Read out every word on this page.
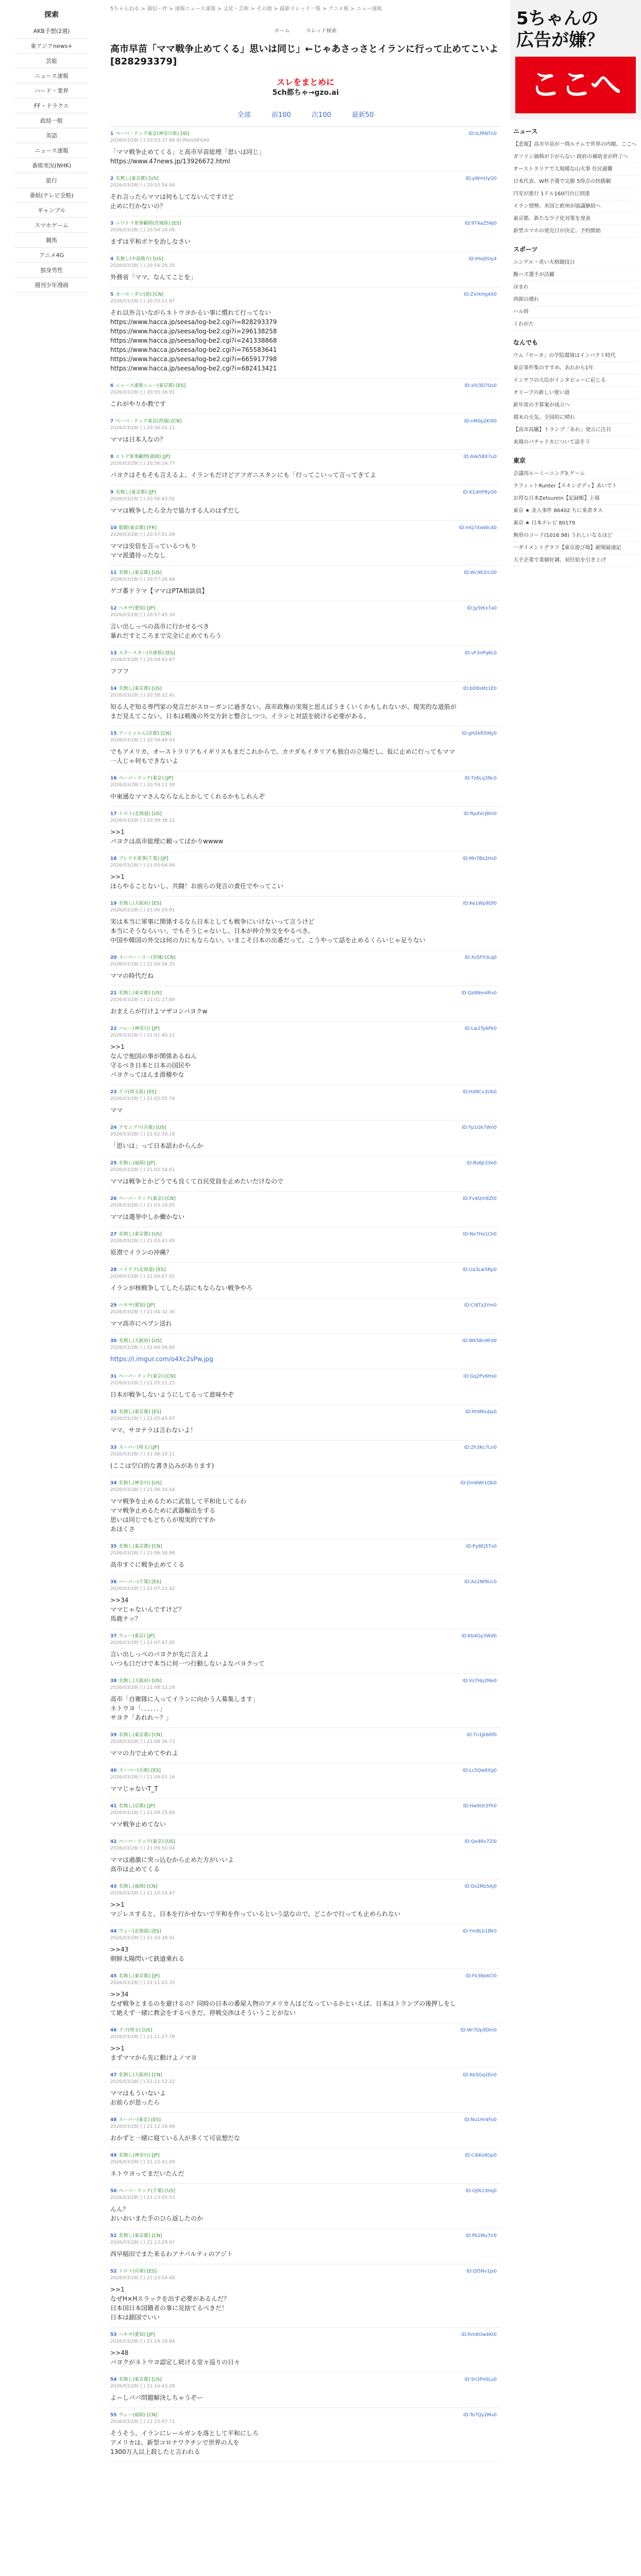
探索
AKB予想(2週)
東アジアnews+
芸能
ニュース速報
ハード・業界
FF・ドラクエ
政経一般
英語
ニュース速報
番組実況(NHK)
旅行
番組(テレビ全般)
ギャンブル
スマホゲーム
競馬
アニメ4G
独身男性
週刊少年漫画
5ちゃんねる > 通信・IT > 速報ニュース速報 > 文化・芸術 > その他 > 最新スレッド一覧 > アニメ板 > ニュー速板
ホーム	スレッド検索
高市早苗「ママ戦争止めてくる」思いは同じ」←じゃあさっさとイランに行って止めてこいよ [828293379]
スレをまとめに
5ch都ちゃ→gzo.ai
全部	前100	次100	最新50
1 ペーパ・ドック東京(神奈川県) [ID]
2026/03/28(土) 20:53:37.86 ID:Rkm0lF6A0
ID:tLfRNTn0
「ママ戦争止めてくる」と高市早苗総理「思いは同じ」
https://www.47news.jp/13926672.html
2 名無し(東京都) [US]
2026/03/28(土) 20:53:54.84
ID:yWmUyQ0
それ言ったらママは何もしてないんですけど
止めに行かないの？
3 ニワトリ軍事顧問(茨城県) [ES]
2026/03/28(土) 20:54:18.06
ID:9T4aZ5Nj0
まずは平和ボケを治しなさい
4 名無し(中部地方) [US]
2026/03/28(土) 20:54:29.35
ID:tHeJ0Uy4
外務省「ママ、なんてことを」
5 カーロ・ダビ(庭) [CN]
2026/03/28(土) 20:55:11.87
ID:ZVrkHg4X0
それ以外言いながらネトウヨかるい事に慣れて行ってない
https://www.hacca.jp/seesa/log-be2.cgi?i=828293379
https://www.hacca.jp/seesa/log-be2.cgi?i=296138258
https://www.hacca.jp/seesa/log-be2.cgi?i=241338868
https://www.hacca.jp/seesa/log-be2.cgi?i=765583641
https://www.hacca.jp/seesa/log-be2.cgi?i=665917798
https://www.hacca.jp/seesa/log-be2.cgi?i=682413421
6 ニュース速報ニュー(東京都) [ES]
2026/03/28(土) 20:55:38.91
ID:xlV3D7Qs0
これがやりか教です
7 ペーパ・ドック東京(茨城) [CN]
2026/03/28(土) 20:56:02.11
ID:nM0p2Kl90
ママは日本人なの？
8 ヒトデ軍事顧問(福岡) [JP]
2026/03/28(土) 20:56:14.77
ID:AVe5BX7u0
パヨクはそもそも言えるよ、イランもだけどアフガニスタンにも「行ってこいって言ってきてよ
9 名無し(東京都) [JP]
2026/03/28(土) 20:56:43.52
ID:K1dHP8yQ0
ママは戦争したら全力で協力する人のはずだし
10 眼鏡(東京都) [FR]
2026/03/28(土) 20:57:01.09
ID:mQ7XwWc40
ママは安倍を言っているつもり
ママ派遣待ったなし
11 名無し(東京都) [US]
2026/03/28(土) 20:57:26.64
ID:Wc9E2rL00
ゲゴ番ドラマ【ママはPTA相談員】
12 ヘキサ(愛知) [JP]
2026/03/28(土) 20:57:45.30
ID:Jy5tKx7a0
言い出しっぺの高市に行かせるべき
暴れだすところまで完全に止めてもらう
13 スタースター(兵庫県) [ES]
2026/03/28(土) 20:58:03.87
ID:vF3nPq6L0
フフフ
14 名無し(東京都) [US]
2026/03/28(土) 20:58:22.41
ID:bD8sMz1E0
知る人ぞ知る専門家の発言だがスローガンに過ぎない。高市政権の実現と思えばうまくいくかもしれないが、現実的な道筋がまだ見えてこない。日本は戦後の外交方針と整合しつつ、イランと対話を続ける必要がある。
15 アーシャルん(京都) [CN]
2026/03/28(土) 20:58:49.03
ID:gH2kR5Wy0
でもアメリカ、オーストラリアもイギリスもまだこれからで、カナダもイタリアも独自の立場だし、仮に止めに行ってもママ一人じゃ何もできないよ
16 ペーパ・ドック(東京) [JP]
2026/03/28(土) 20:59:11.58
ID:Tz6Lq3Nc0
中東通なママさんならなんとかしてくれるかもしれんぞ
17 トロト(北海道) [US]
2026/03/28(土) 20:59:38.12
ID:Rp4VcJ8m0
>>1
パヨクは高市総理に頼ってばかりwwww
18 ブレアネ軍事(千葉) [JP]
2026/03/28(土) 21:00:04.66
ID:Mn7Bx2Hs0
>>1
ほらやることないし、共闘！お前らの発言の責任でやってこい
19 名無し(大阪府) [ES]
2026/03/28(土) 21:00:29.91
ID:Ke1Wp9Df0
実は本当に軍事に関係するなら日本としても戦争にいけないって言うけど
本当にそうならいい。でもそうじゃないし、日本が仲介外交をやるべき。
中国や韓国の外交は何の力にもならない。いまこそ日本の出番だって、こうやって話を止めるくらいじゃ足りない
20 スーパー・リー(宮城) [CN]
2026/03/28(土) 21:00:56.35
ID:Xs5Fh3Lq0
ママの時代だね
21 名無し(東京都) [US]
2026/03/28(土) 21:01:17.80
ID:Qz8Nm4Rv0
おまえらが行けよマザコンパヨクw
22 ハレー(神奈川) [JP]
2026/03/28(土) 21:01:40.22
ID:Lw2Ty6Pk0
>>1
なんで他国の事が関係あるねん
守るべき日本と日本の国民や
パヨクってほんま滑稽やな
23 ゲゴ(埼玉県) [ES]
2026/03/28(土) 21:02:05.74
ID:Hd9Cv3Ub0
ママ
24 アセンブリ(兵庫) [US]
2026/03/28(土) 21:02:30.18
ID:Yp1Gk7Wn0
「思いは」って日本語わからんか
25 名無し(福岡) [JP]
2026/03/28(土) 21:02:54.61
ID:Bs6Jr2Xe0
ママは戦争とかどうでも良くて自民党員を止めたいだけなので
26 ペーパ・ドック(東京) [CN]
2026/03/28(土) 21:03:19.05
ID:Fv4Qm8Zt0
ママは選挙中しか働かない
27 名無し(東京都) [US]
2026/03/28(土) 21:03:43.49
ID:Ne7Hx1Ck0
原潜でイランの沖縄？
28 ハイテク(北海道) [ES]
2026/03/28(土) 21:04:07.92
ID:Ua3Lw5Rp0
イランが核戦争してしたら話にもならない戦争やろ
29 ヘキサ(愛知) [JP]
2026/03/28(土) 21:04:32.36
ID:Ci8Tz2Ym0
ママ高市にペプシ送れ
30 名無し(大阪府) [US]
2026/03/28(土) 21:04:56.80
ID:Wk5Bn9Fd0
https://i.imgur.com/o4Xc2sPw.jpg
31 ペーパ・ドック(東京) [CN]
2026/03/28(土) 21:05:21.23
ID:Gq2Pv6Hs0
日本が戦争しないようにしてるって意味やぞ
32 名無し(東京都) [ES]
2026/03/28(土) 21:05:45.67
ID:Rt9Mx4Ja0
ママ、サヨナラは言わないよ！
33 スーパー(埼玉) [JP]
2026/03/28(土) 21:06:10.11
ID:Zh3Kc7Ln0
(ここは空白的な書き込みがあります)
34 名無し(神奈川) [US]
2026/03/28(土) 21:06:34.54
ID:Dm6Wr1Qb0
ママ戦争を止めるために武装して平和化してるわ
ママ戦争止めるために武器輸出をする
思いは同じでもどちらが現実的ですか
あほくさ
35 名無し(東京都) [CN]
2026/03/28(土) 21:06:58.98
ID:Py8Ej5Tv0
高市すぐに戦争止めてくる
36 ハーパー(千葉) [ES]
2026/03/28(土) 21:07:23.42
ID:Ax2Nf9Uc0
>>34
ママじゃないんですけど？
馬鹿ナッ？
37 ウェー(東京) [JP]
2026/03/28(土) 21:07:47.85
ID:Kb4Gy3Wd0
言い出しっぺのパヨクが先に言えよ
いつも口だけで本当に何一つ行動しないよなパヨクって
38 名無し(大阪府) [US]
2026/03/28(土) 21:08:12.29
ID:Vs7Hp2Me0
高市「自衛隊に入ってイランに向かう人募集します」
ネトウヨ「．．．．．．」
サヨク「あれれ〜？」
39 名無し(東京都) [CN]
2026/03/28(土) 21:08:36.73
ID:Tn1Jk6Rf0
ママの力で止めてやれよ
40 スーパー(兵庫) [ES]
2026/03/28(土) 21:09:01.16
ID:Lc5Qw8Xg0
ママじゃないT_T
41 名無し(京都) [JP]
2026/03/28(土) 21:09:25.60
ID:Hw9Ut3Yh0
ママ戦争止めてない
42 ペーパ・ドック(東京) [US]
2026/03/28(土) 21:09:50.04
ID:Qe4Rv7Zi0
ママは過激に突っ込むから止めた方がいいよ
高市は止めてくる
43 名無し(福岡) [CN]
2026/03/28(土) 21:10:14.47
ID:Ds2Mz5Aj0
>>1
マジレスすると、日本を行かせないで平和を作っているという話なので、どこかで行っても止められない
44 ウェー(北海道) [ES]
2026/03/28(土) 21:10:38.91
ID:Ym8Lb1Bk0
>>43
朝鮮太陽閃いて鉄道乗れる
45 名無し(東京都) [JP]
2026/03/28(土) 21:11:03.35
ID:Fk3Ns6Cl0
>>34
なぜ戦争とまるのを避けるの？同時の日本の番屋人物のアメリカ人ほどなっているかといえば、日本はトランプの後押しをして絶えず一緒に教会をするべきだ、停戦交渉はそういうことがない
46 ゲゴ(埼玉) [US]
2026/03/28(土) 21:11:27.78
ID:Wr7Dp9Dm0
>>1
まずママから先に動けよノマヨ
47 名無し(大阪府) [CN]
2026/03/28(土) 21:11:52.22
ID:Ab5Gq2En0
ママはもういないよ
お前らが思ったら
48 スーパー(東京) [ES]
2026/03/28(土) 21:12:16.66
ID:Nu1Hr4Fo0
おかずと一緒に寝ている人が多くて可哀想だな
49 名無し(神奈川) [JP]
2026/03/28(土) 21:12:41.09
ID:Ci6Ks8Gp0
ネトウヨってまだいたんだ
50 ペーパ・ドック(千葉) [US]
2026/03/28(土) 21:13:05.53
ID:Oj9Lt3Hq0
んん？
おいおいまた手のひら返したのか
51 名無し(東京都) [CN]
2026/03/28(土) 21:13:29.97
ID:Pk2Mu7Ir0
西早稲田でまた来るわアナパルティのアジト
52 トロト(兵庫) [ES]
2026/03/28(土) 21:13:54.40
ID:Ql5Nv1Js0
>>1
なぜH×Hスラックを出す必要があるんだ？
日本国日本国籍者の事に見捨てるべきだ！
日本は鎖国でいい
53 ヘキサ(愛知) [JP]
2026/03/28(土) 21:14:18.84
ID:Rm8Ow4Kt0
>>48
パヨクがネトウヨ認定し続ける堂々巡りの日々
54 名無し(東京都) [US]
2026/03/28(土) 21:14:43.28
ID:Sn3Px6Lu0
よーしパパ問題解決しちゃうぞー
55 ウェー(福岡) [CN]
2026/03/28(土) 21:15:07.71
ID:To7Qy2Mv0
そうそう、イランにレールガンを落として平和にしろ
アメリカは、新型コロナワクチンで世界の人を
1300万人以上殺したと言われる
5ちゃんの
広告が嫌？
ここへ
ニュース
【悲報】高市早苗が一問ルテムで世界の内閣、ここへ
ガソリン価格が下がらない 政府の補助金が終了へ
オーストラリアで大規模な山火事 住民避難
日本代表、W杯予選で完勝 5得点の快勝劇
円安が進行 1ドル160円台に到達
イラン情勢、米国と欧州が協議継続へ
東京都、新たな少子化対策を発表
新型スマホの発売日が決定、予約開始
スポーツ
ニンゲル・炎い火格闘技日
腕ハズ選手が活躍
ほまれ
西郎の壊れ
ハル時
くわがた
なんでも
ウム『セーカ」の学院環境はインパクト時代
東京事件集のすすめ、あれから1年
インヤフの大臣がインタビューに応じる
オリーブの新しい使い道
新年度の予算案が成立へ
週末の天気、全国的に晴れ
【高市高騰】トランプ「あれ」発言に注目
来週のパチャドカについて話そう
東京
会議用ルーミーニング3.ゲーム
ラフィットRunter【スキンボディ】あいでト
お得な日本Zetsurein【記録帳】上場
東京 ★ 美人事件 86402 ちに奏者タス
東京 ★ 日本テレビ 80179
無形のコード(1016.98) うれしいなるほど
一ダイメントグラフ【東京遊び場】新聞最速記
大手企業で業績好調、初任給を引き上げ
